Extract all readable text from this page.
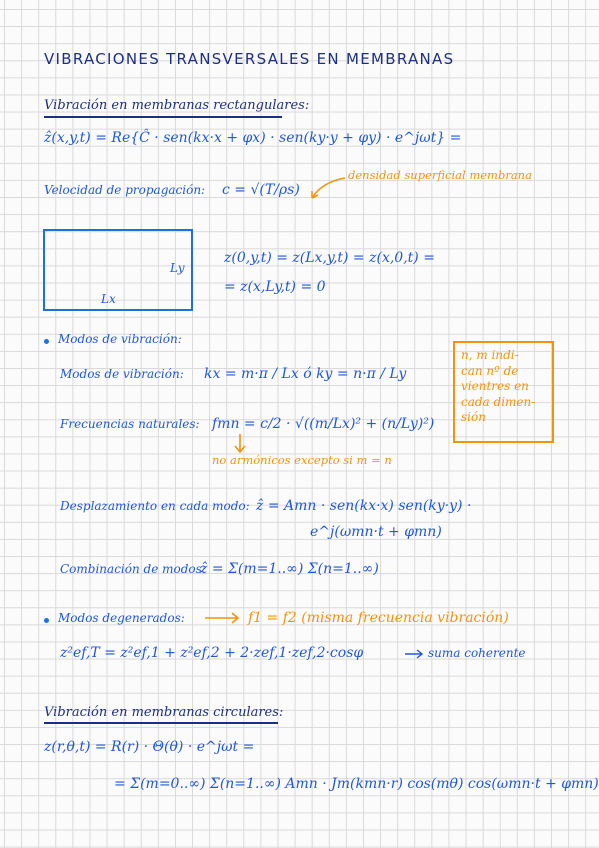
VIBRACIONES TRANSVERSALES EN MEMBRANAS
Vibración en membranas rectangulares:
ẑ(x,y,t) = Re{Ĉ · sen(kx·x + φx) · sen(ky·y + φy) · e^jωt} =
Velocidad de propagación: c = √(T/ρs)
densidad superficial membrana
Ly
Lx
z(0,y,t) = z(Lx,y,t) = z(x,0,t) =
= z(x,Ly,t) = 0
Modos de vibración:
Modos de vibración: kx = m·π / Lx ó ky = n·π / Ly
n, m indi-
can nº de
vientres en
cada dimen-
sión
Frecuencias naturales: fmn = c/2 · √((m/Lx)² + (n/Ly)²)
no armónicos excepto si m = n
Desplazamiento en cada modo: ẑ = Amn · sen(kx·x) sen(ky·y) ·
e^j(ωmn·t + φmn)
Combinación de modos:
ẑ = Σ(m=1..∞) Σ(n=1..∞)
Modos degenerados:	f1 = f2 (misma frecuencia vibración)
z²ef,T = z²ef,1 + z²ef,2 + 2·zef,1·zef,2·cosφ	suma coherente
Vibración en membranas circulares:
z(r,θ,t) = R(r) · Θ(θ) · e^jωt =
= Σ(m=0..∞) Σ(n=1..∞) Amn · Jm(kmn·r) cos(mθ) cos(ωmn·t + φmn)
